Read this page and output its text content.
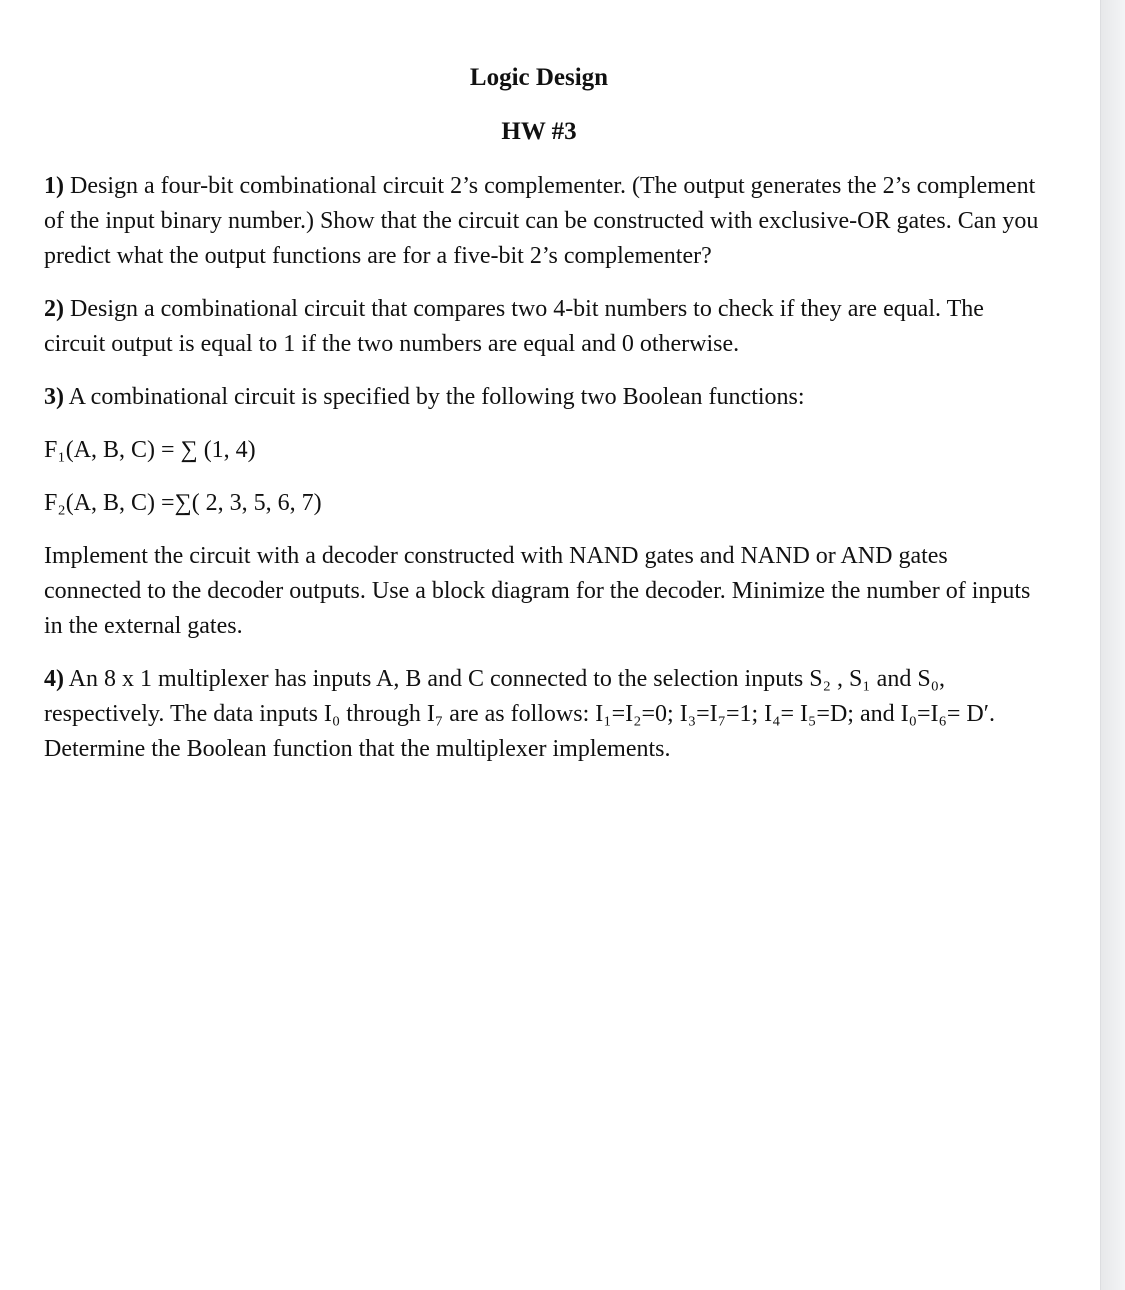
Logic Design
HW #3

1) Design a four-bit combinational circuit 2’s complementer. (The output generates the 2’s complement of the input binary number.) Show that the circuit can be constructed with exclusive-OR gates. Can you predict what the output functions are for a five-bit 2’s complementer?

2) Design a combinational circuit that compares two 4-bit numbers to check if they are equal. The circuit output is equal to 1 if the two numbers are equal and 0 otherwise.

3) A combinational circuit is specified by the following two Boolean functions:

F₁(A, B, C) = ∑ (1, 4)

F₂(A, B, C) =∑( 2, 3, 5, 6, 7)

Implement the circuit with a decoder constructed with NAND gates and NAND or AND gates connected to the decoder outputs. Use a block diagram for the decoder. Minimize the number of inputs in the external gates.

4) An 8 x 1 multiplexer has inputs A, B and C connected to the selection inputs S₂ , S₁ and S₀, respectively. The data inputs I₀ through I₇ are as follows: I₁=I₂=0; I₃=I₇=1; I₄= I₅=D; and I₀=I₆= D′. Determine the Boolean function that the multiplexer implements.
